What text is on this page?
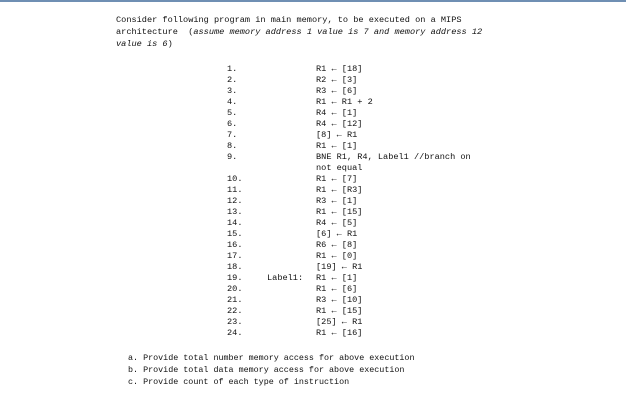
Consider following program in main memory, to be executed on a MIPS
architecture  (assume memory address 1 value is 7 and memory address 12
value is 6)
1.	R1 ← [18]
2.	R2 ← [3]
3.	R3 ← [6]
4.	R1 ← R1 + 2
5.	R4 ← [1]
6.	R4 ← [12]
7.	[8] ← R1
8.	R1 ← [1]
9.	BNE R1, R4, Label1 //branch on
not equal
10.	R1 ← [7]
11.	R1 ← [R3]
12.	R3 ← [1]
13.	R1 ← [15]
14.	R4 ← [5]
15.	[6] ← R1
16.	R6 ← [8]
17.	R1 ← [0]
18.	[19] ← R1
19.	Label1: R1 ← [1]
20.	R1 ← [6]
21.	R3 ← [10]
22.	R1 ← [15]
23.	[25] ← R1
24.	R1 ← [16]
a. Provide total number memory access for above execution
b. Provide total data memory access for above execution
c. Provide count of each type of instruction
